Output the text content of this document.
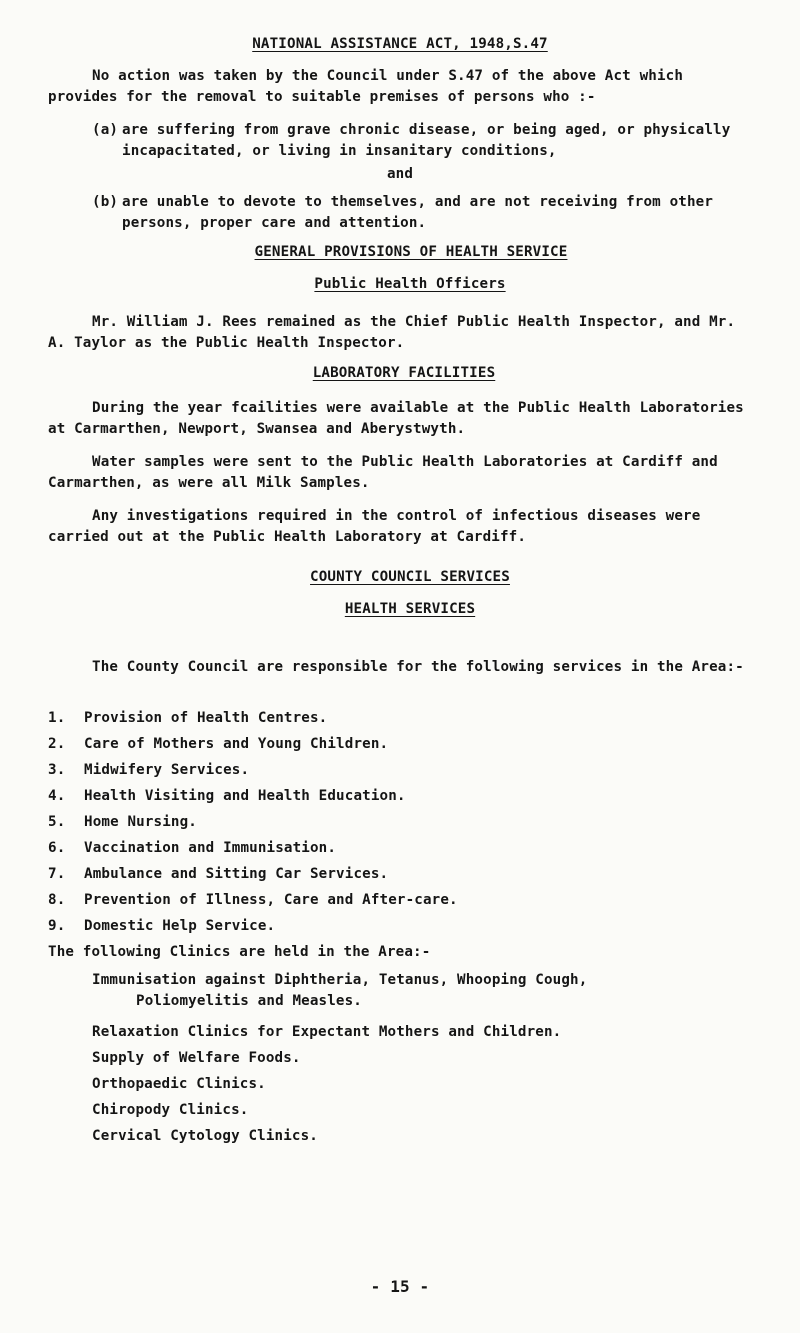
NATIONAL ASSISTANCE ACT, 1948,S.47
No action was taken by the Council under S.47 of the above Act which provides for the removal to suitable premises of persons who :-
(a) are suffering from grave chronic disease, or being aged, or physically incapacitated, or living in insanitary conditions,
and
(b) are unable to devote to themselves, and are not receiving from other persons, proper care and attention.
GENERAL PROVISIONS OF HEALTH SERVICE
Public Health Officers
Mr. William J. Rees remained as the Chief Public Health Inspector, and Mr. A. Taylor as the Public Health Inspector.
LABORATORY FACILITIES
During the year fcailities were available at the Public Health Laboratories at Carmarthen, Newport, Swansea and Aberystwyth.
Water samples were sent to the Public Health Laboratories at Cardiff and Carmarthen, as were all Milk Samples.
Any investigations required in the control of infectious diseases were carried out at the Public Health Laboratory at Cardiff.
COUNTY COUNCIL SERVICES
HEALTH SERVICES
The County Council are responsible for the following services in the Area:-
1. Provision of Health Centres.
2. Care of Mothers and Young Children.
3. Midwifery Services.
4. Health Visiting and Health Education.
5. Home Nursing.
6. Vaccination and Immunisation.
7. Ambulance and Sitting Car Services.
8. Prevention of Illness, Care and After-care.
9. Domestic Help Service.
The following Clinics are held in the Area:-
Immunisation against Diphtheria, Tetanus, Whooping Cough,
Poliomyelitis and Measles.
Relaxation Clinics for Expectant Mothers and Children.
Supply of Welfare Foods.
Orthopaedic Clinics.
Chiropody Clinics.
Cervical Cytology Clinics.
- 15 -
